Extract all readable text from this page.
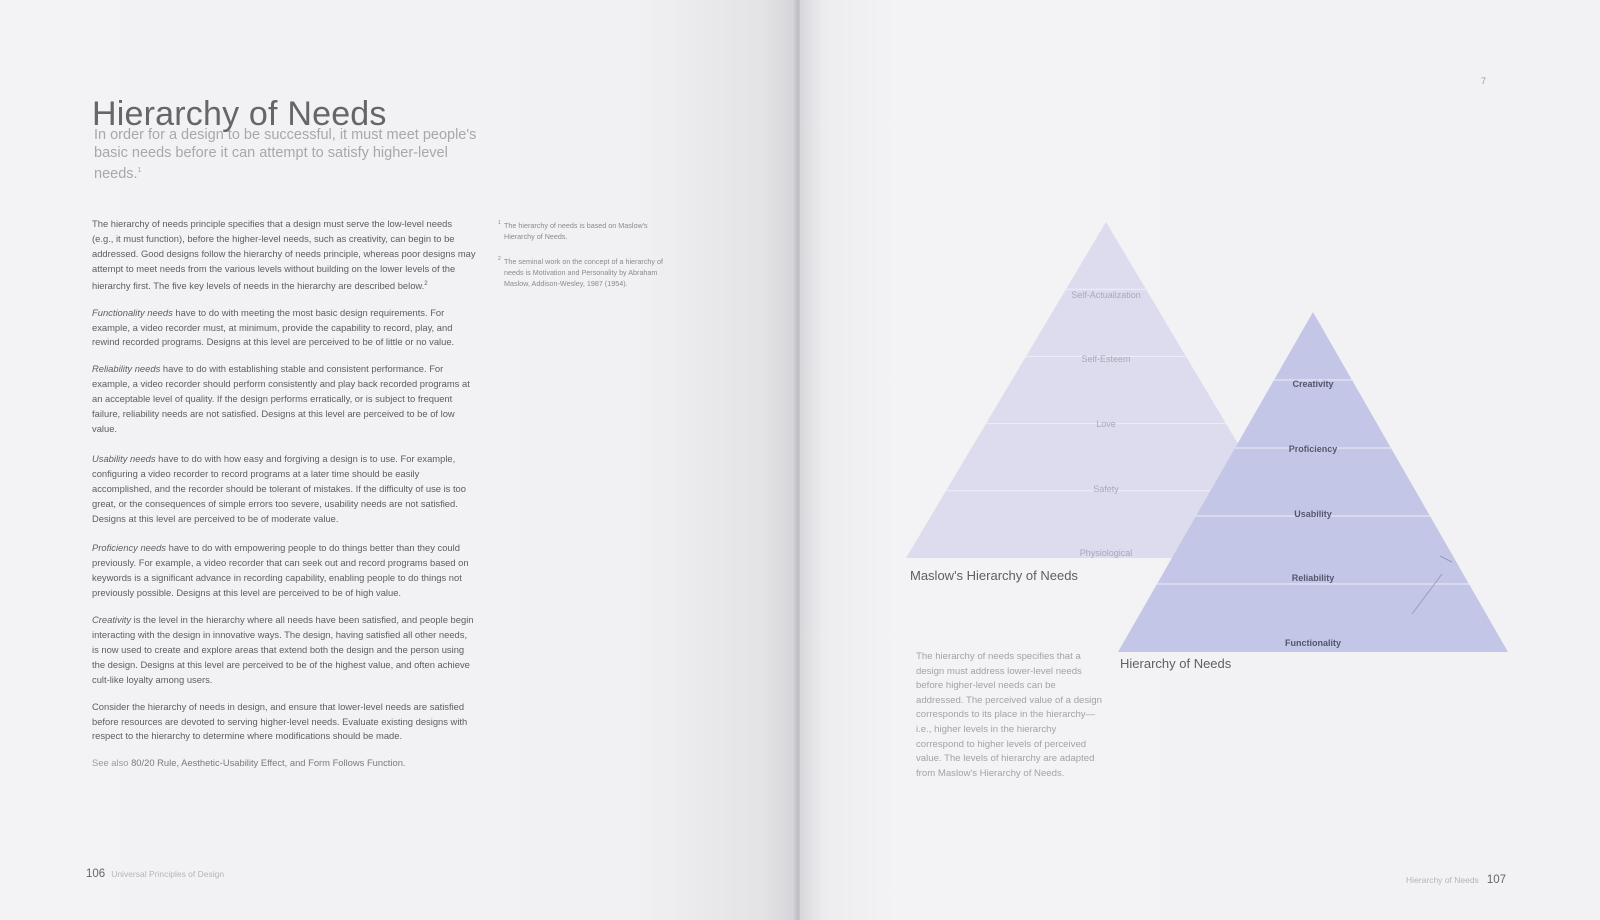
Hierarchy of Needs
In order for a design to be successful, it must meet people's basic needs before it can attempt to satisfy higher-level needs.$^1$

The hierarchy of needs principle specifies that a design must serve the low-level needs (e.g., it must function), before the higher-level needs, such as creativity, can begin to be addressed. Good designs follow the hierarchy of needs principle, whereas poor designs may attempt to meet needs from the various levels without building on the lower levels of the hierarchy first. The five key levels of needs in the hierarchy are described below.$^2$

Functionality needs have to do with meeting the most basic design requirements. For example, a video recorder must, at minimum, provide the capability to record, play, and rewind recorded programs. Designs at this level are perceived to be of little or no value.

Reliability needs have to do with establishing stable and consistent performance. For example, a video recorder should perform consistently and play back recorded programs at an acceptable level of quality. If the design performs erratically, or is subject to frequent failure, reliability needs are not satisfied. Designs at this level are perceived to be of low value.

Usability needs have to do with how easy and forgiving a design is to use. For example, configuring a video recorder to record programs at a later time should be easily accomplished, and the recorder should be tolerant of mistakes. If the difficulty of use is too great, or the consequences of simple errors too severe, usability needs are not satisfied. Designs at this level are perceived to be of moderate value.

Proficiency needs have to do with empowering people to do things better than they could previously. For example, a video recorder that can seek out and record programs based on keywords is a significant advance in recording capability, enabling people to do things not previously possible. Designs at this level are perceived to be of high value.

Creativity is the level in the hierarchy where all needs have been satisfied, and people begin interacting with the design in innovative ways. The design, having satisfied all other needs, is now used to create and explore areas that extend both the design and the person using the design. Designs at this level are perceived to be of the highest value, and often achieve cult-like loyalty among users.

Consider the hierarchy of needs in design, and ensure that lower-level needs are satisfied before resources are devoted to serving higher-level needs. Evaluate existing designs with respect to the hierarchy to determine where modifications should be made.

See also 80/20 Rule, Aesthetic-Usability Effect, and Form Follows Function.

1 The hierarchy of needs is based on Maslow's Hierarchy of Needs.
2 The seminal work on the concept of a hierarchy of needs is Motivation and Personality by Abraham Maslow, Addison-Wesley, 1987 (1954).
106 Universal Principles of Design
7
Self-Actualization
Self-Esteem
Love
Safety
Physiological
Creativity
Proficiency
Usability
Reliability
Functionality
Maslow's Hierarchy of Needs
Hierarchy of Needs
The hierarchy of needs specifies that a design must address lower-level needs before higher-level needs can be addressed. The perceived value of a design corresponds to its place in the hierarchy—i.e., higher levels in the hierarchy correspond to higher levels of perceived value. The levels of hierarchy are adapted from Maslow's Hierarchy of Needs.
Hierarchy of Needs 107
